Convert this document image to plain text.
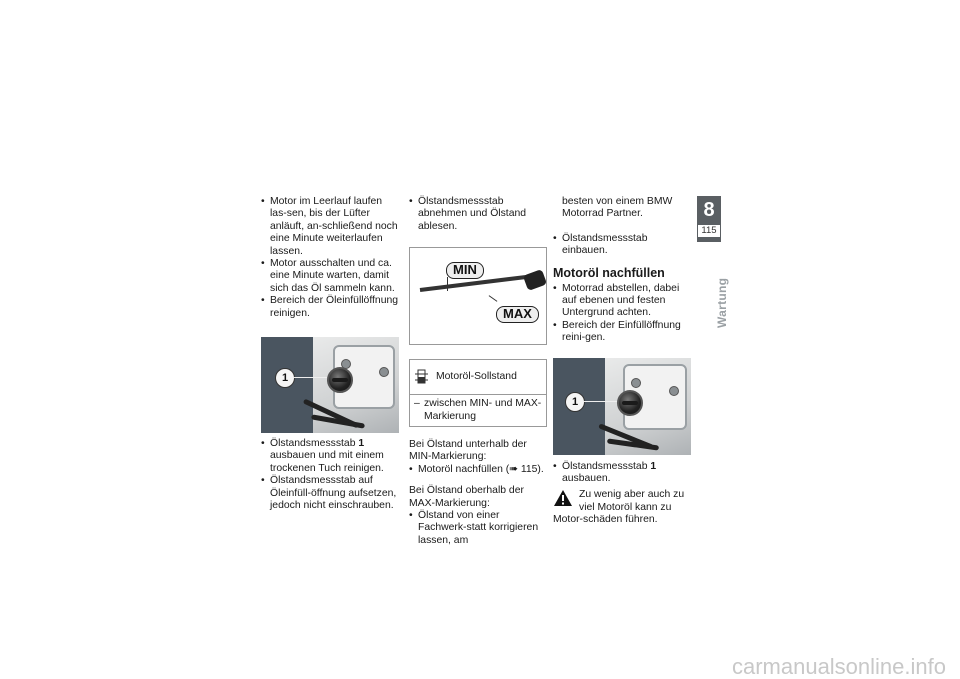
• Motor im Leerlauf laufen las-sen, bis der Lüfter anläuft, an-schließend noch eine Minute weiterlaufen lassen.
• Motor ausschalten und ca. eine Minute warten, damit sich das Öl sammeln kann.
• Bereich der Öleinfüllöffnung reinigen.
1
• Ölstandsmessstab 1 ausbauen und mit einem trockenen Tuch reinigen.
• Ölstandsmessstab auf Öleinfüll-öffnung aufsetzen, jedoch nicht einschrauben.
• Ölstandsmessstab abnehmen und Ölstand ablesen.
MIN
MAX
Motoröl-Sollstand
– zwischen MIN- und MAX-Markierung

Bei Ölstand unterhalb der MIN-Markierung:

• Motoröl nachfüllen (➠ 115).

Bei Ölstand oberhalb der MAX-Markierung:

• Ölstand von einer Fachwerk-statt korrigieren lassen, am

besten von einem BMW Motorrad Partner.

• Ölstandsmessstab einbauen.
Motoröl nachfüllen
• Motorrad abstellen, dabei auf ebenen und festen Untergrund achten.
• Bereich der Einfüllöffnung reini-gen.
1
• Ölstandsmessstab 1 ausbauen.
Zu wenig aber auch zu viel Motoröl kann zu Motor-schäden führen.
8
115
Wartung
carmanualsonline.info
